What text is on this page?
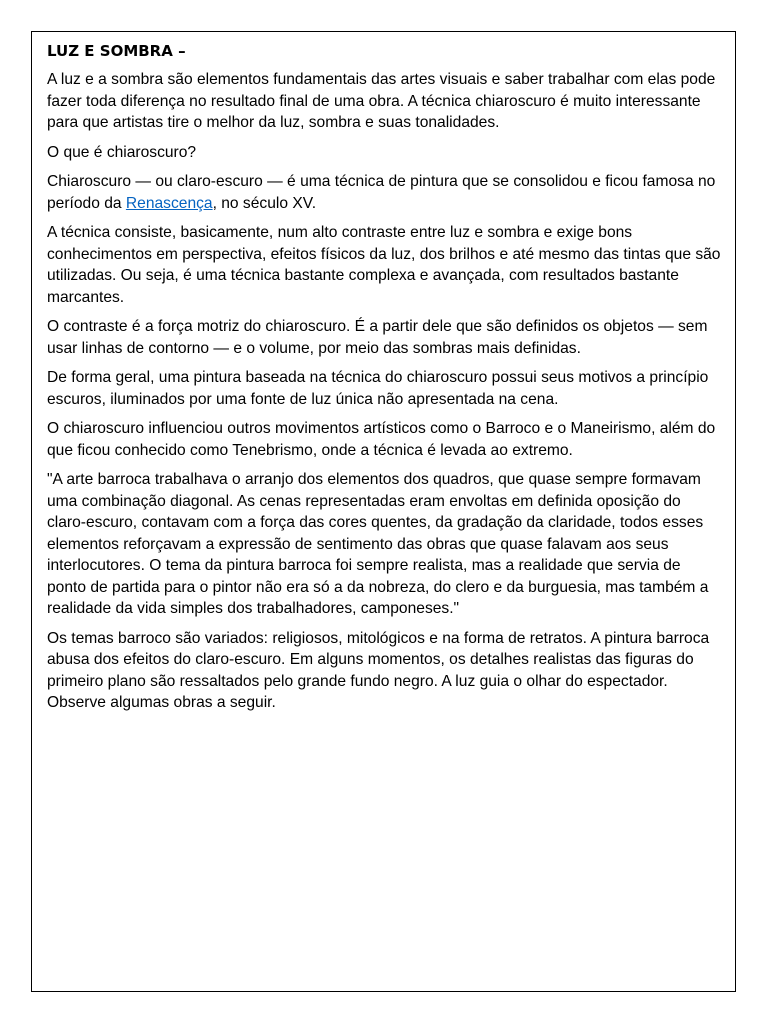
LUZ E SOMBRA –

A luz e a sombra são elementos fundamentais das artes visuais e saber trabalhar com elas pode fazer toda diferença no resultado final de uma obra. A técnica chiaroscuro é muito interessante para que artistas tire o melhor da luz, sombra e suas tonalidades.

O que é chiaroscuro?

Chiaroscuro — ou claro-escuro — é uma técnica de pintura que se consolidou e ficou famosa no período da Renascença, no século XV.

A técnica consiste, basicamente, num alto contraste entre luz e sombra e exige bons conhecimentos em perspectiva, efeitos físicos da luz, dos brilhos e até mesmo das tintas que são utilizadas. Ou seja, é uma técnica bastante complexa e avançada, com resultados bastante marcantes.

O contraste é a força motriz do chiaroscuro. É a partir dele que são definidos os objetos — sem usar linhas de contorno — e o volume, por meio das sombras mais definidas.

De forma geral, uma pintura baseada na técnica do chiaroscuro possui seus motivos a princípio escuros, iluminados por uma fonte de luz única não apresentada na cena.

O chiaroscuro influenciou outros movimentos artísticos como o Barroco e o Maneirismo, além do que ficou conhecido como Tenebrismo, onde a técnica é levada ao extremo.

"A arte barroca trabalhava o arranjo dos elementos dos quadros, que quase sempre formavam uma combinação diagonal. As cenas representadas eram envoltas em definida oposição do claro-escuro, contavam com a força das cores quentes, da gradação da claridade, todos esses elementos reforçavam a expressão de sentimento das obras que quase falavam aos seus interlocutores. O tema da pintura barroca foi sempre realista, mas a realidade que servia de ponto de partida para o pintor não era só a da nobreza, do clero e da burguesia, mas também a realidade da vida simples dos trabalhadores, camponeses."

Os temas barroco são variados: religiosos, mitológicos e na forma de retratos. A pintura barroca abusa dos efeitos do claro-escuro. Em alguns momentos, os detalhes realistas das figuras do primeiro plano são ressaltados pelo grande fundo negro. A luz guia o olhar do espectador. Observe algumas obras a seguir.
